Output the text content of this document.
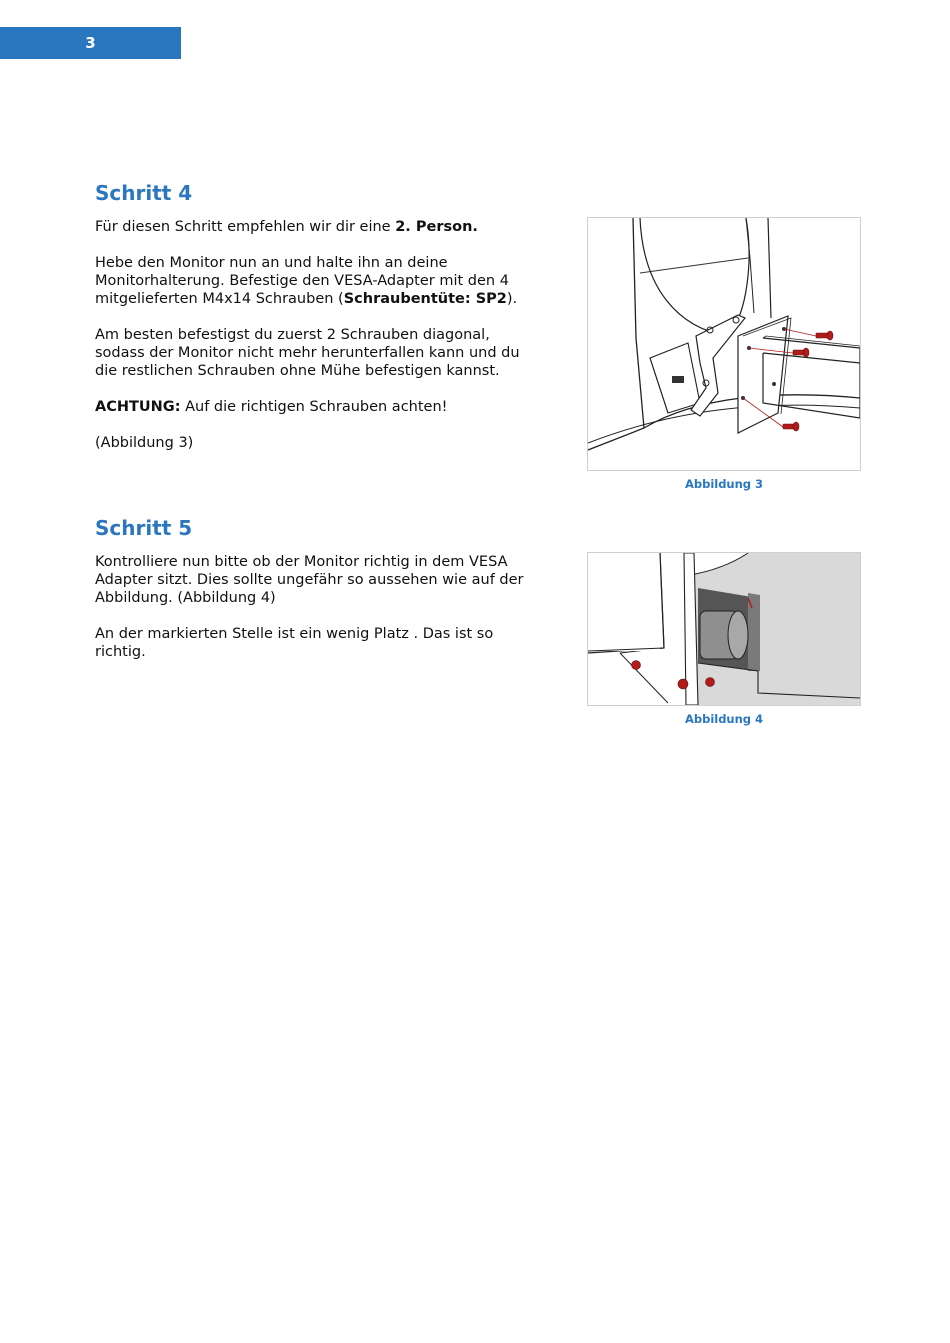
3
Schritt 4

Für diesen Schritt empfehlen wir dir eine 2. Person.

Hebe den Monitor nun an und halte ihn an deine Monitorhalterung. Befestige den VESA-Adapter mit den 4 mitgelieferten M4x14 Schrauben (Schraubentüte: SP2).

Am besten befestigst du zuerst 2 Schrauben diagonal, sodass der Monitor nicht mehr herunterfallen kann und du die restlichen Schrauben ohne Mühe befestigen kannst.

ACHTUNG: Auf die richtigen Schrauben achten!

(Abbildung 3)

Abbildung 3
Schritt 5

Kontrolliere nun bitte ob der Monitor richtig in dem VESA Adapter sitzt. Dies sollte ungefähr so aussehen wie auf der Abbildung. (Abbildung 4)

An der markierten Stelle ist ein wenig Platz . Das ist so richtig.

Abbildung 4
